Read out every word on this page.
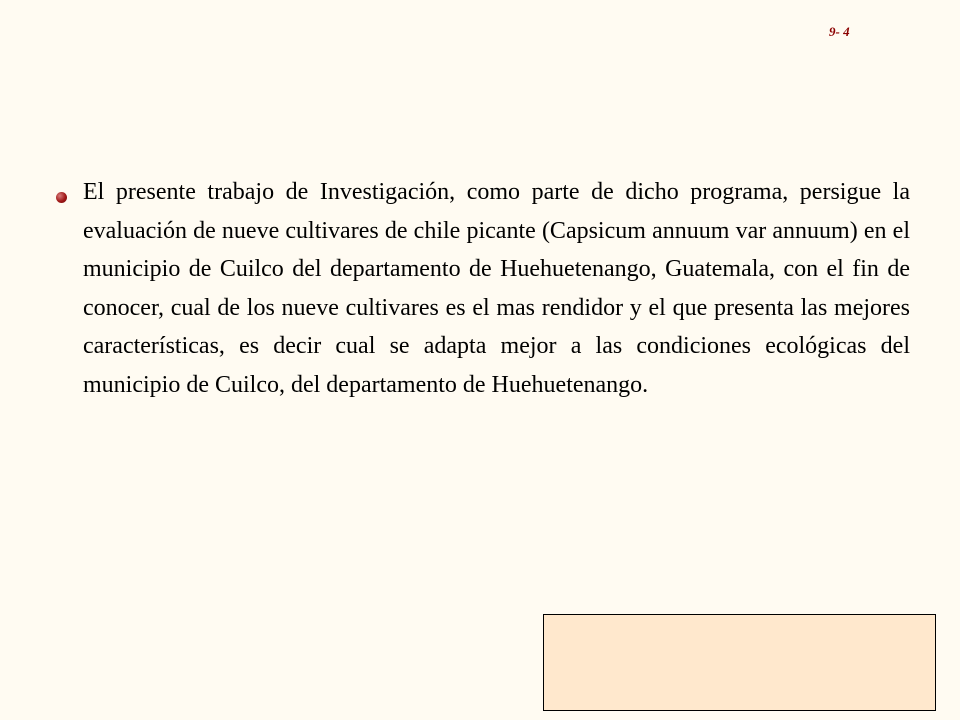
9- 4

El presente trabajo de Investigación, como parte de dicho programa, persigue la evaluación de nueve cultivares de chile picante (Capsicum annuum var annuum) en el municipio de Cuilco del departamento de Huehuetenango, Guatemala, con el fin de conocer, cual de los nueve cultivares es el mas rendidor y el que presenta las mejores características, es decir cual se adapta mejor a las condiciones ecológicas del municipio de Cuilco, del departamento de Huehuetenango.
